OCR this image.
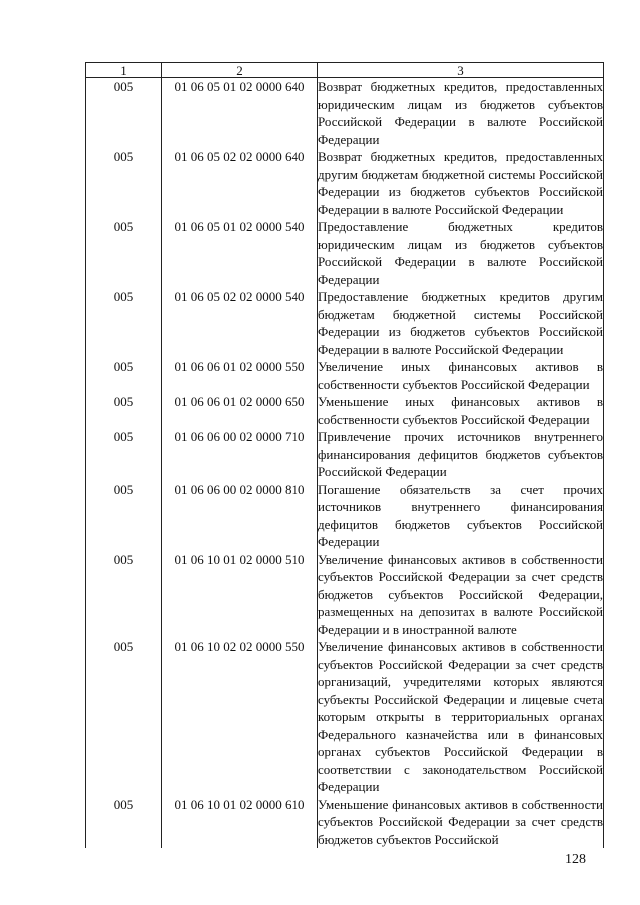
1	2	3
005	01 06 05 01 02 0000 640	Возврат бюджетных кредитов, предоставленных юридическим лицам из бюджетов субъектов Российской Федерации в валюте Российской Федерации
005	01 06 05 02 02 0000 640	Возврат бюджетных кредитов, предоставленных другим бюджетам бюджетной системы Российской Федерации из бюджетов субъектов Российской Федерации в валюте Российской Федерации
005	01 06 05 01 02 0000 540	Предоставление бюджетных кредитов юридическим лицам из бюджетов субъектов Российской Федерации в валюте Российской Федерации
005	01 06 05 02 02 0000 540	Предоставление бюджетных кредитов другим бюджетам бюджетной системы Российской Федерации из бюджетов субъектов Российской Федерации в валюте Российской Федерации
005	01 06 06 01 02 0000 550	Увеличение иных финансовых активов в собственности субъектов Российской Федерации
005	01 06 06 01 02 0000 650	Уменьшение иных финансовых активов в собственности субъектов Российской Федерации
005	01 06 06 00 02 0000 710	Привлечение прочих источников внутреннего финансирования дефицитов бюджетов субъектов Российской Федерации
005	01 06 06 00 02 0000 810	Погашение обязательств за счет прочих источников внутреннего финансирования дефицитов бюджетов субъектов Российской Федерации
005	01 06 10 01 02 0000 510	Увеличение финансовых активов в собственности субъектов Российской Федерации за счет средств бюджетов субъектов Российской Федерации, размещенных на депозитах в валюте Российской Федерации и в иностранной валюте
005	01 06 10 02 02 0000 550	Увеличение финансовых активов в собственности субъектов Российской Федерации за счет средств организаций, учредителями которых являются субъекты Российской Федерации и лицевые счета которым открыты в территориальных органах Федерального казначейства или в финансовых органах субъектов Российской Федерации в соответствии с законодательством Российской Федерации
005	01 06 10 01 02 0000 610	Уменьшение финансовых активов в собственности субъектов Российской Федерации за счет средств бюджетов субъектов Российской
128
